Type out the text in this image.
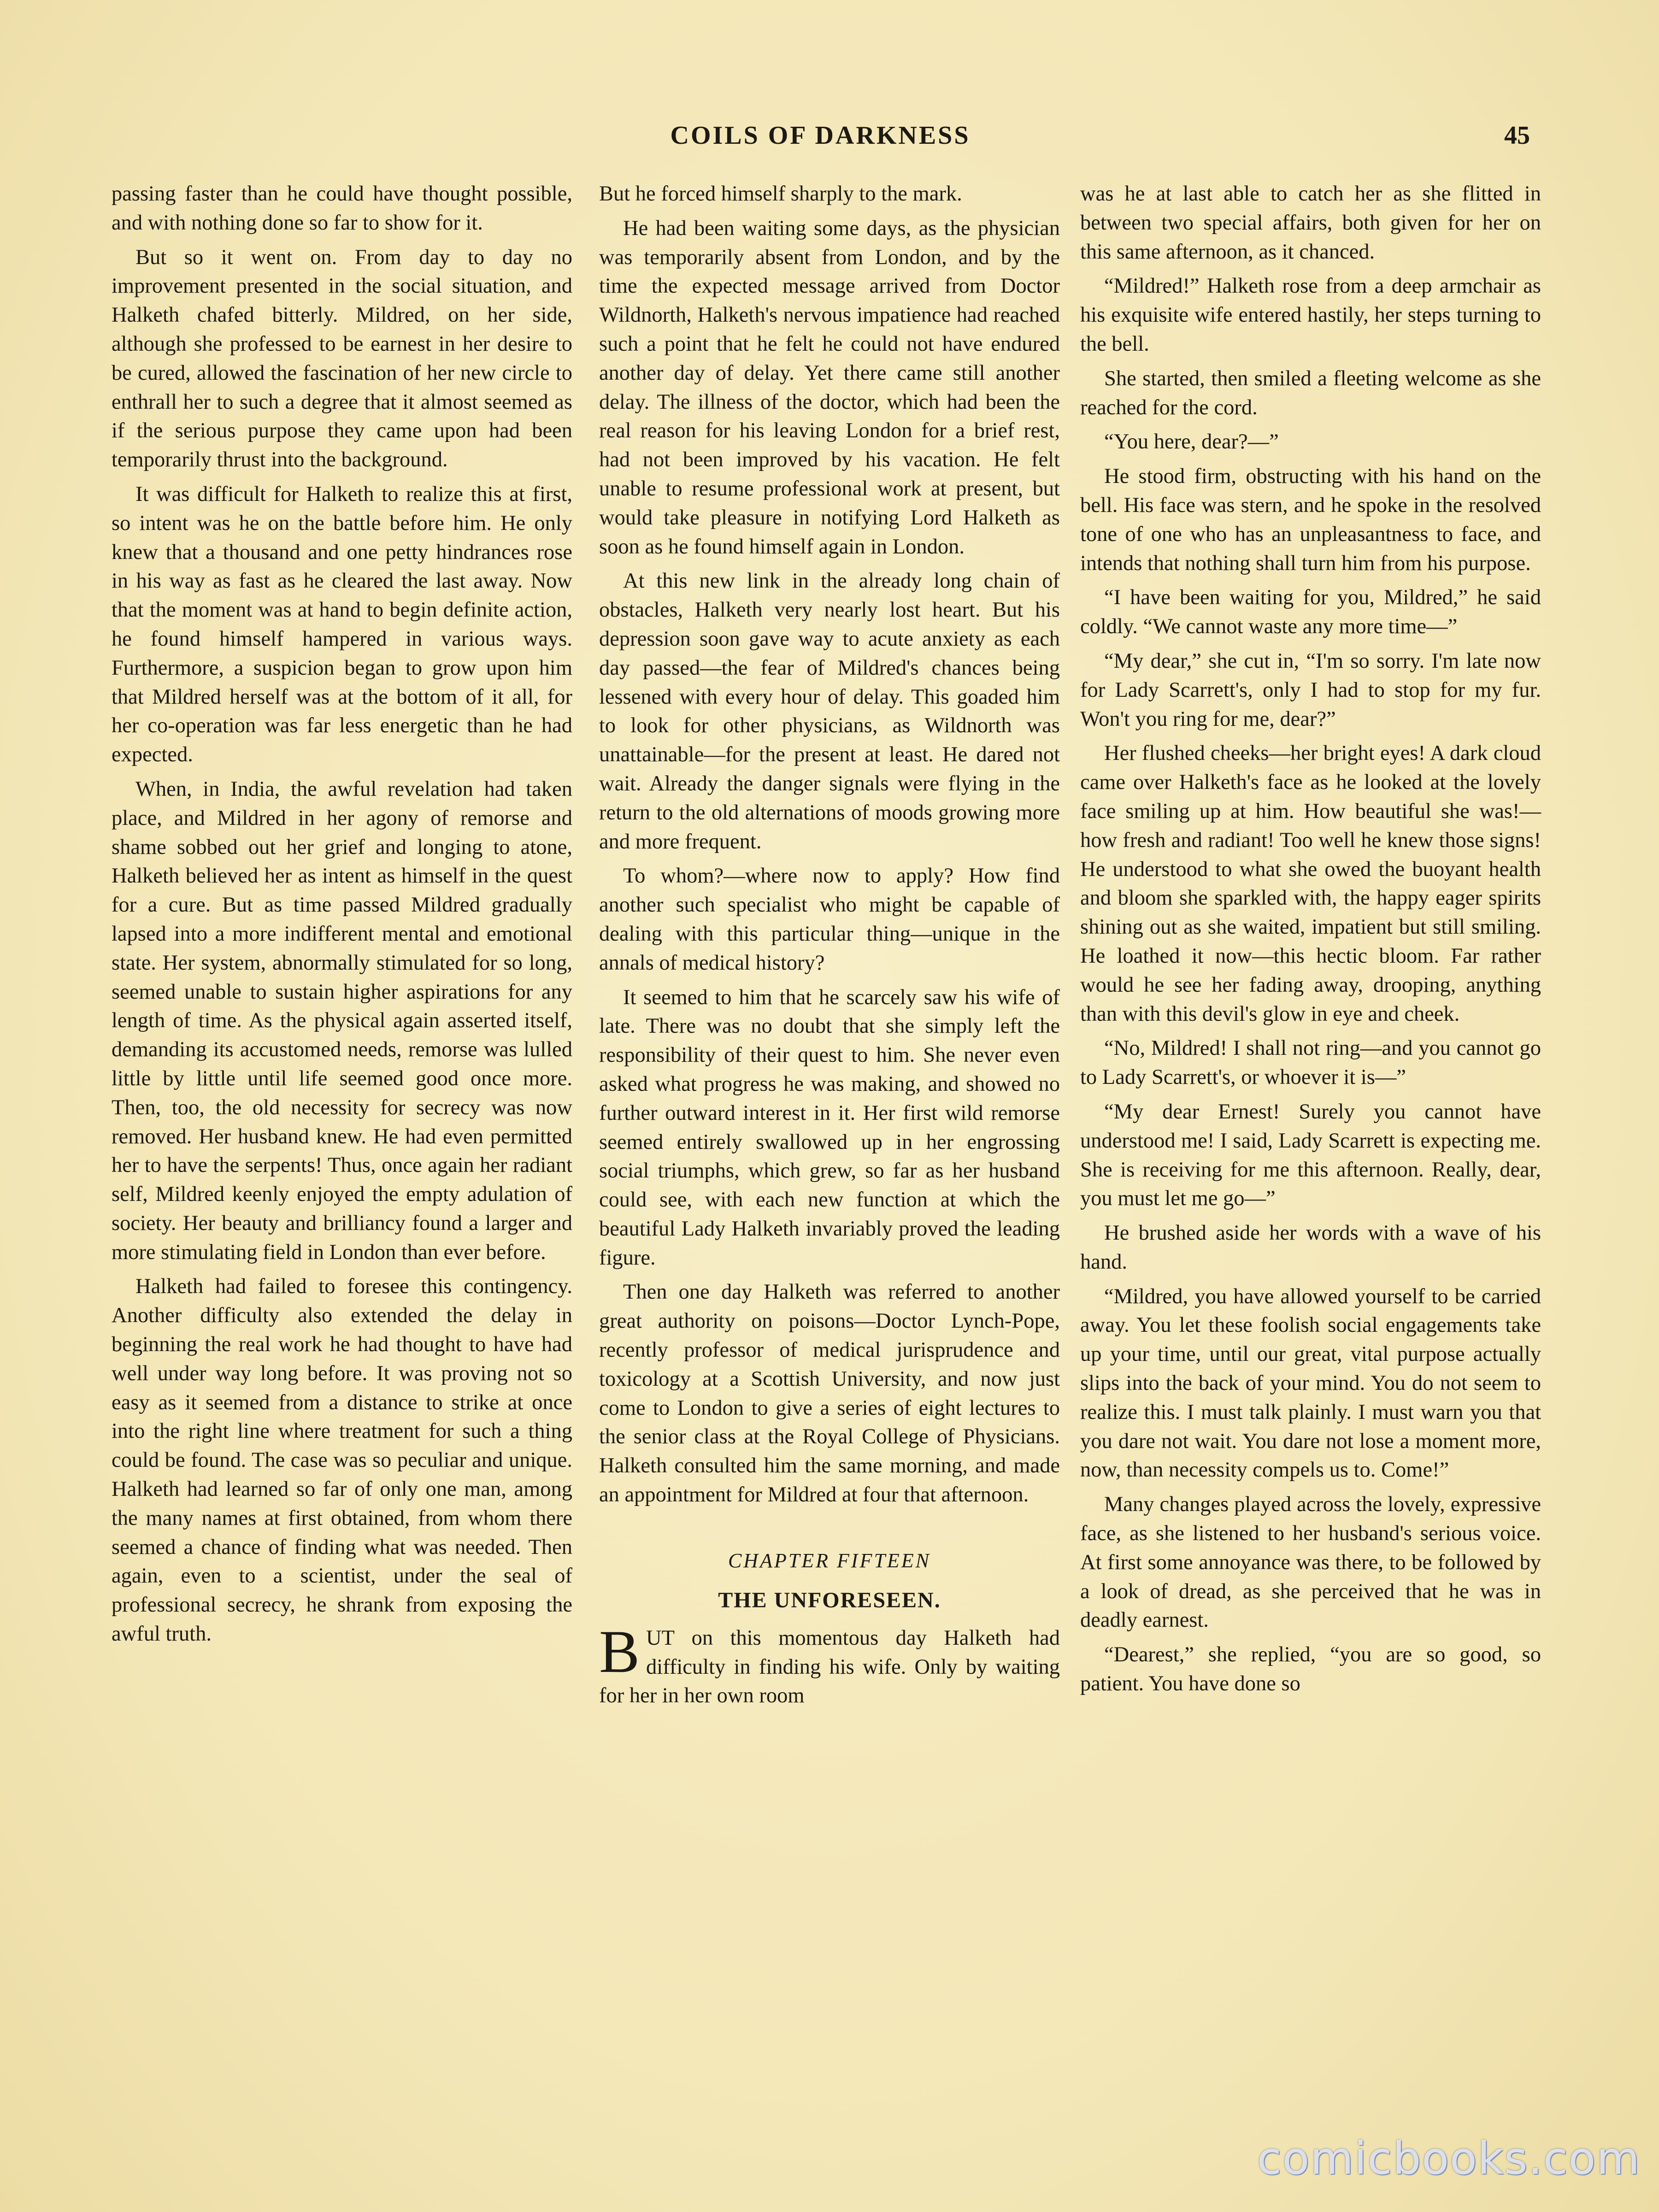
COILS OF DARKNESS	45

passing faster than he could have thought possible, and with nothing done so far to show for it.

But so it went on. From day to day no improvement presented in the social situation, and Halketh chafed bitterly. Mildred, on her side, although she professed to be earnest in her desire to be cured, allowed the fascination of her new circle to enthrall her to such a degree that it almost seemed as if the serious purpose they came upon had been temporarily thrust into the background.

It was difficult for Halketh to realize this at first, so intent was he on the battle before him. He only knew that a thousand and one petty hindrances rose in his way as fast as he cleared the last away. Now that the moment was at hand to begin definite action, he found himself hampered in various ways. Furthermore, a suspicion began to grow upon him that Mildred herself was at the bottom of it all, for her co-operation was far less energetic than he had expected.

When, in India, the awful revelation had taken place, and Mildred in her agony of remorse and shame sobbed out her grief and longing to atone, Halketh believed her as intent as himself in the quest for a cure. But as time passed Mildred gradually lapsed into a more indifferent mental and emotional state. Her system, abnormally stimulated for so long, seemed unable to sustain higher aspirations for any length of time. As the physical again asserted itself, demanding its accustomed needs, remorse was lulled little by little until life seemed good once more. Then, too, the old necessity for secrecy was now removed. Her husband knew. He had even permitted her to have the serpents! Thus, once again her radiant self, Mildred keenly enjoyed the empty adulation of society. Her beauty and brilliancy found a larger and more stimulating field in London than ever before.

Halketh had failed to foresee this contingency. Another difficulty also extended the delay in beginning the real work he had thought to have had well under way long before. It was proving not so easy as it seemed from a distance to strike at once into the right line where treatment for such a thing could be found. The case was so peculiar and unique. Halketh had learned so far of only one man, among the many names at first obtained, from whom there seemed a chance of finding what was needed. Then again, even to a scientist, under the seal of professional secrecy, he shrank from exposing the awful truth.

But he forced himself sharply to the mark.

He had been waiting some days, as the physician was temporarily absent from London, and by the time the expected message arrived from Doctor Wildnorth, Halketh's nervous impatience had reached such a point that he felt he could not have endured another day of delay. Yet there came still another delay. The illness of the doctor, which had been the real reason for his leaving London for a brief rest, had not been improved by his vacation. He felt unable to resume professional work at present, but would take pleasure in notifying Lord Halketh as soon as he found himself again in London.

At this new link in the already long chain of obstacles, Halketh very nearly lost heart. But his depression soon gave way to acute anxiety as each day passed—the fear of Mildred's chances being lessened with every hour of delay. This goaded him to look for other physicians, as Wildnorth was unattainable—for the present at least. He dared not wait. Already the danger signals were flying in the return to the old alternations of moods growing more and more frequent.

To whom?—where now to apply? How find another such specialist who might be capable of dealing with this particular thing—unique in the annals of medical history?

It seemed to him that he scarcely saw his wife of late. There was no doubt that she simply left the responsibility of their quest to him. She never even asked what progress he was making, and showed no further outward interest in it. Her first wild remorse seemed entirely swallowed up in her engrossing social triumphs, which grew, so far as her husband could see, with each new function at which the beautiful Lady Halketh invariably proved the leading figure.

Then one day Halketh was referred to another great authority on poisons—Doctor Lynch-Pope, recently professor of medical jurisprudence and toxicology at a Scottish University, and now just come to London to give a series of eight lectures to the senior class at the Royal College of Physicians. Halketh consulted him the same morning, and made an appointment for Mildred at four that afternoon.

CHAPTER FIFTEEN
THE UNFORESEEN.

BUT on this momentous day Halketh had difficulty in finding his wife. Only by waiting for her in her own room

was he at last able to catch her as she flitted in between two special affairs, both given for her on this same afternoon, as it chanced.

“Mildred!” Halketh rose from a deep armchair as his exquisite wife entered hastily, her steps turning to the bell.

She started, then smiled a fleeting welcome as she reached for the cord.

“You here, dear?—”

He stood firm, obstructing with his hand on the bell. His face was stern, and he spoke in the resolved tone of one who has an unpleasantness to face, and intends that nothing shall turn him from his purpose.

“I have been waiting for you, Mildred,” he said coldly. “We cannot waste any more time—”

“My dear,” she cut in, “I'm so sorry. I'm late now for Lady Scarrett's, only I had to stop for my fur. Won't you ring for me, dear?”

Her flushed cheeks—her bright eyes! A dark cloud came over Halketh's face as he looked at the lovely face smiling up at him. How beautiful she was!—how fresh and radiant! Too well he knew those signs! He understood to what she owed the buoyant health and bloom she sparkled with, the happy eager spirits shining out as she waited, impatient but still smiling. He loathed it now—this hectic bloom. Far rather would he see her fading away, drooping, anything than with this devil's glow in eye and cheek.

“No, Mildred! I shall not ring—and you cannot go to Lady Scarrett's, or whoever it is—”

“My dear Ernest! Surely you cannot have understood me! I said, Lady Scarrett is expecting me. She is receiving for me this afternoon. Really, dear, you must let me go—”

He brushed aside her words with a wave of his hand.

“Mildred, you have allowed yourself to be carried away. You let these foolish social engagements take up your time, until our great, vital purpose actually slips into the back of your mind. You do not seem to realize this. I must talk plainly. I must warn you that you dare not wait. You dare not lose a moment more, now, than necessity compels us to. Come!”

Many changes played across the lovely, expressive face, as she listened to her husband's serious voice. At first some annoyance was there, to be followed by a look of dread, as she perceived that he was in deadly earnest.

“Dearest,” she replied, “you are so good, so patient. You have done so

comicbooks.com
